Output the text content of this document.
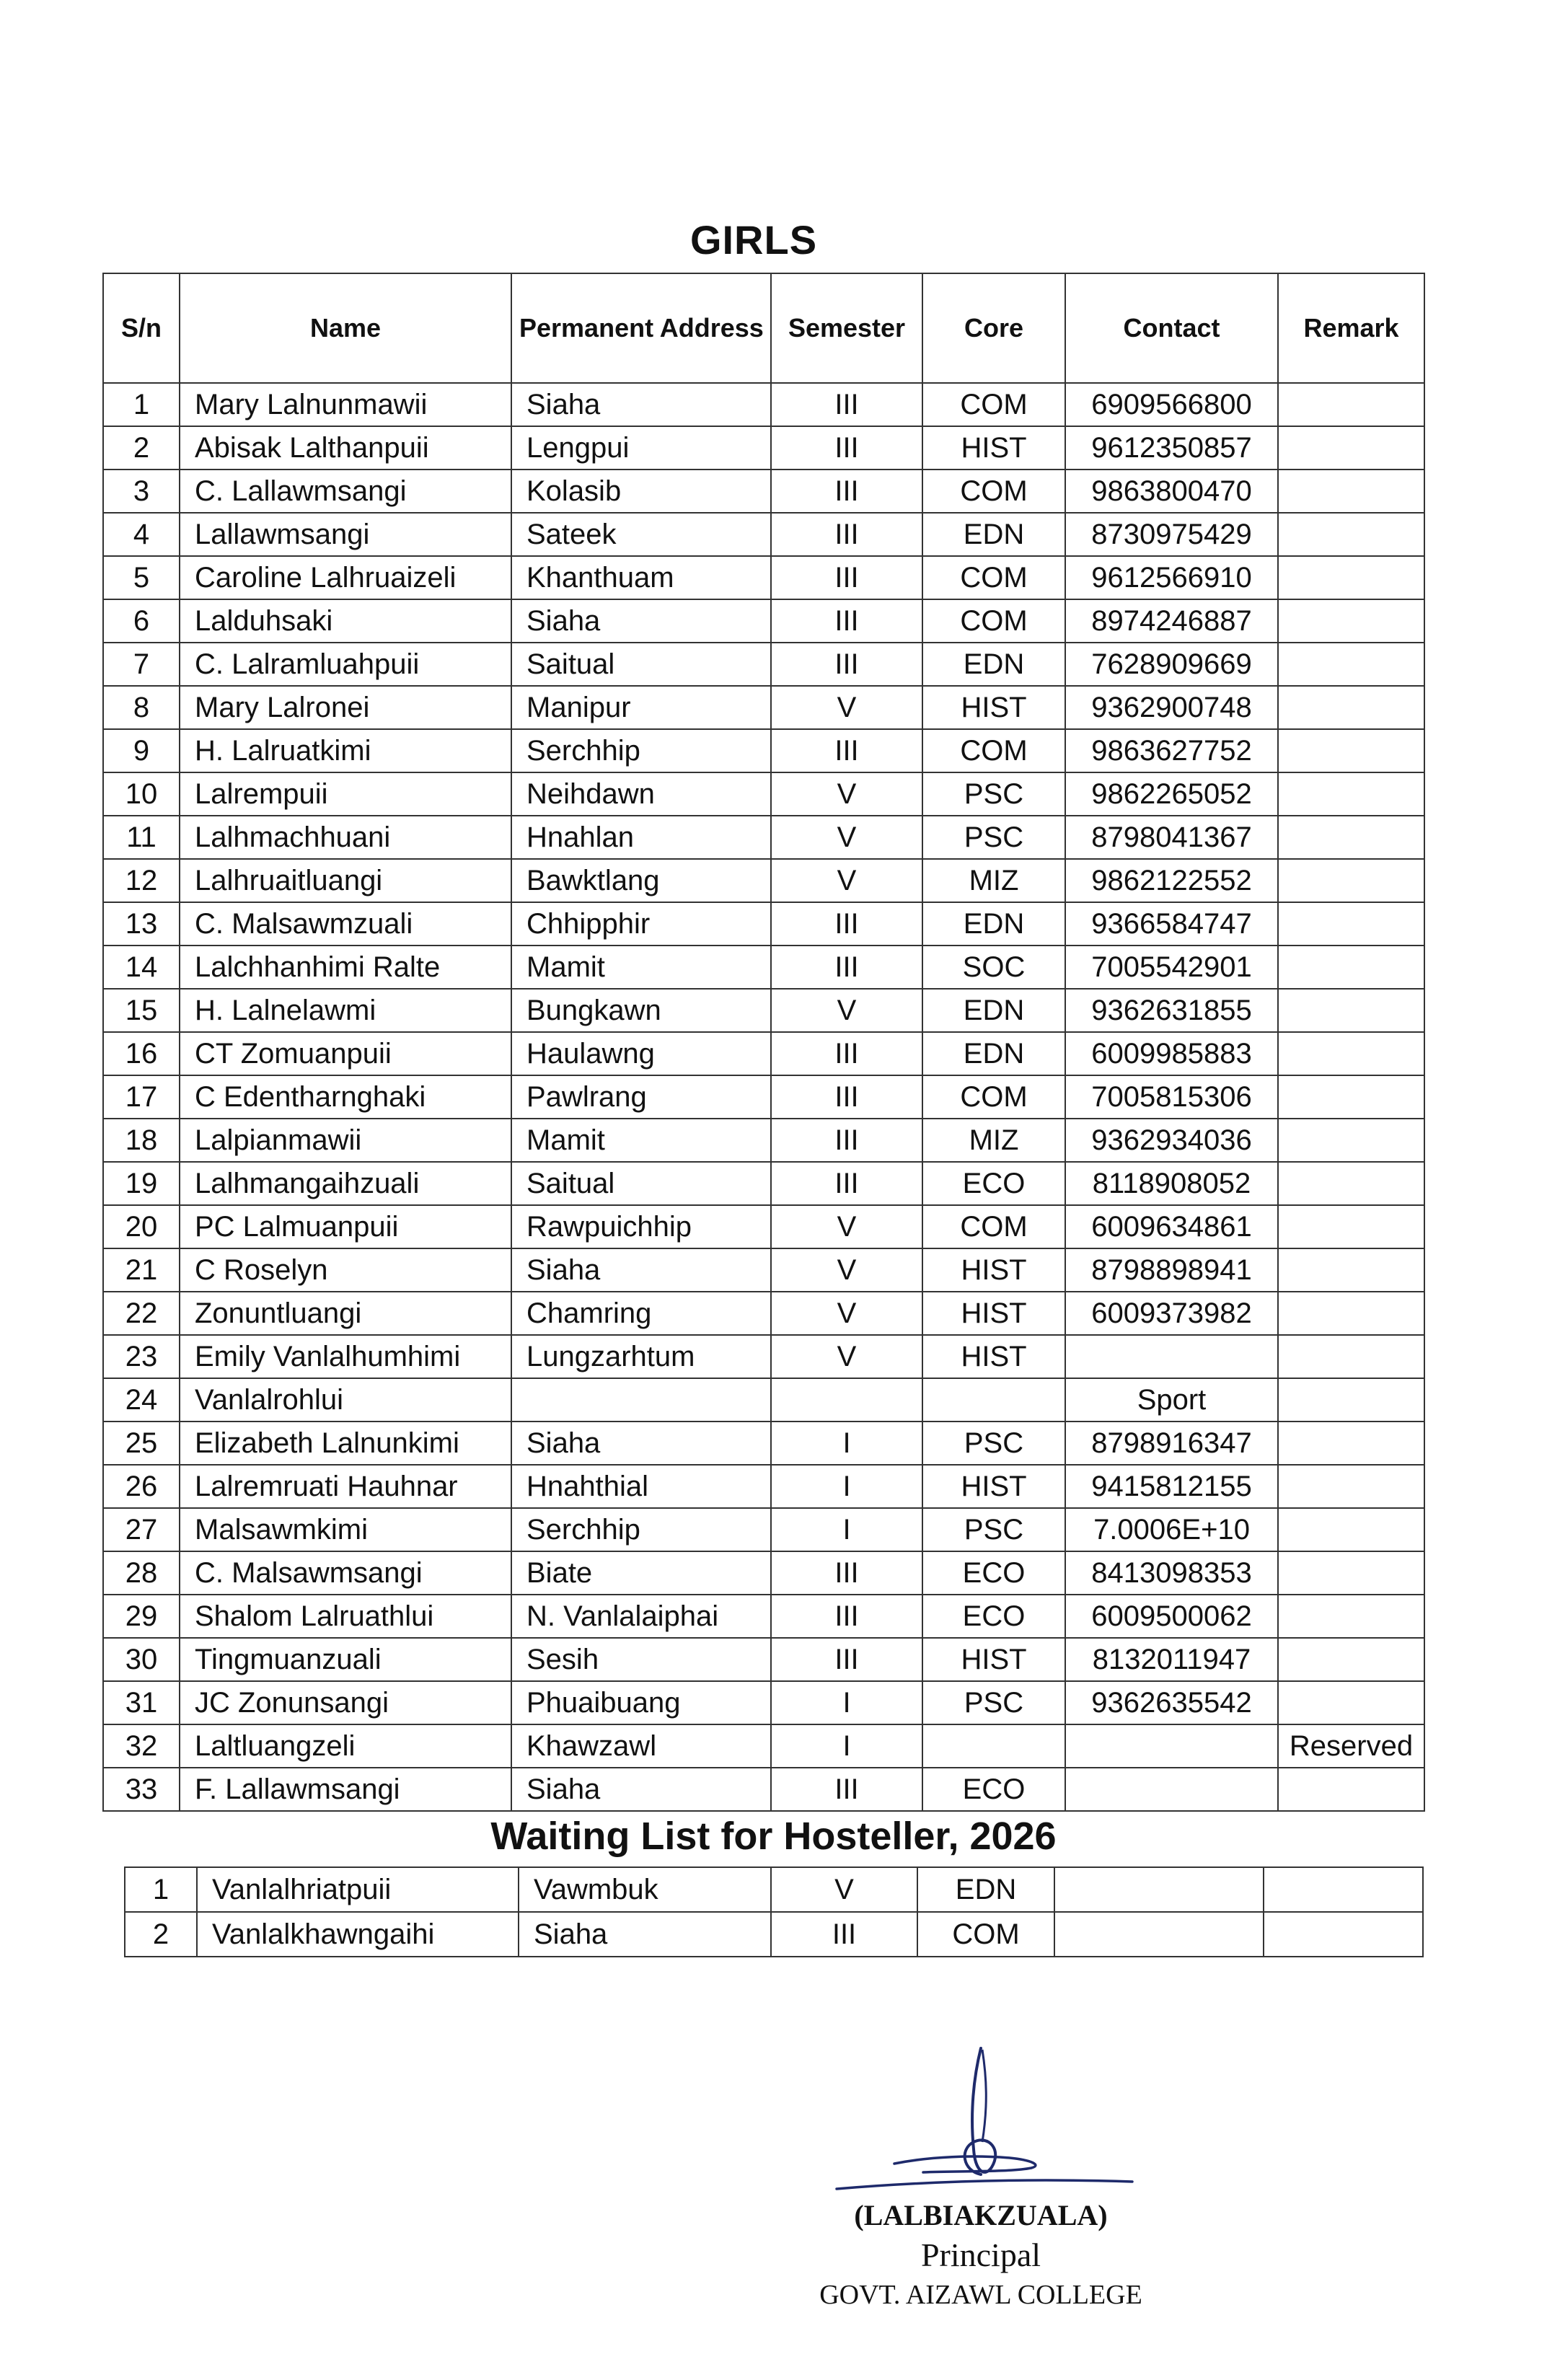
GIRLS
S/n	Name	Permanent Address	Semester	Core	Contact	Remark
1	Mary Lalnunmawii	Siaha	III	COM	6909566800	
2	Abisak Lalthanpuii	Lengpui	III	HIST	9612350857	
3	C. Lallawmsangi	Kolasib	III	COM	9863800470	
4	Lallawmsangi	Sateek	III	EDN	8730975429	
5	Caroline Lalhruaizeli	Khanthuam	III	COM	9612566910	
6	Lalduhsaki	Siaha	III	COM	8974246887	
7	C. Lalramluahpuii	Saitual	III	EDN	7628909669	
8	Mary Lalronei	Manipur	V	HIST	9362900748	
9	H. Lalruatkimi	Serchhip	III	COM	9863627752	
10	Lalrempuii	Neihdawn	V	PSC	9862265052	
11	Lalhmachhuani	Hnahlan	V	PSC	8798041367	
12	Lalhruaitluangi	Bawktlang	V	MIZ	9862122552	
13	C. Malsawmzuali	Chhipphir	III	EDN	9366584747	
14	Lalchhanhimi Ralte	Mamit	III	SOC	7005542901	
15	H. Lalnelawmi	Bungkawn	V	EDN	9362631855	
16	CT Zomuanpuii	Haulawng	III	EDN	6009985883	
17	C Edentharnghaki	Pawlrang	III	COM	7005815306	
18	Lalpianmawii	Mamit	III	MIZ	9362934036	
19	Lalhmangaihzuali	Saitual	III	ECO	8118908052	
20	PC Lalmuanpuii	Rawpuichhip	V	COM	6009634861	
21	C Roselyn	Siaha	V	HIST	8798898941	
22	Zonuntluangi	Chamring	V	HIST	6009373982	
23	Emily Vanlalhumhimi	Lungzarhtum	V	HIST		
24	Vanlalrohlui				Sport	
25	Elizabeth Lalnunkimi	Siaha	I	PSC	8798916347	
26	Lalremruati Hauhnar	Hnahthial	I	HIST	9415812155	
27	Malsawmkimi	Serchhip	I	PSC	7.0006E+10	
28	C. Malsawmsangi	Biate	III	ECO	8413098353	
29	Shalom Lalruathlui	N. Vanlalaiphai	III	ECO	6009500062	
30	Tingmuanzuali	Sesih	III	HIST	8132011947	
31	JC Zonunsangi	Phuaibuang	I	PSC	9362635542	
32	Laltluangzeli	Khawzawl	I			Reserved
33	F. Lallawmsangi	Siaha	III	ECO		
Waiting List for Hosteller, 2026
1	Vanlalhriatpuii	Vawmbuk	V	EDN		
2	Vanlalkhawngaihi	Siaha	III	COM		
(LALBIAKZUALA)
Principal
GOVT. AIZAWL COLLEGE
